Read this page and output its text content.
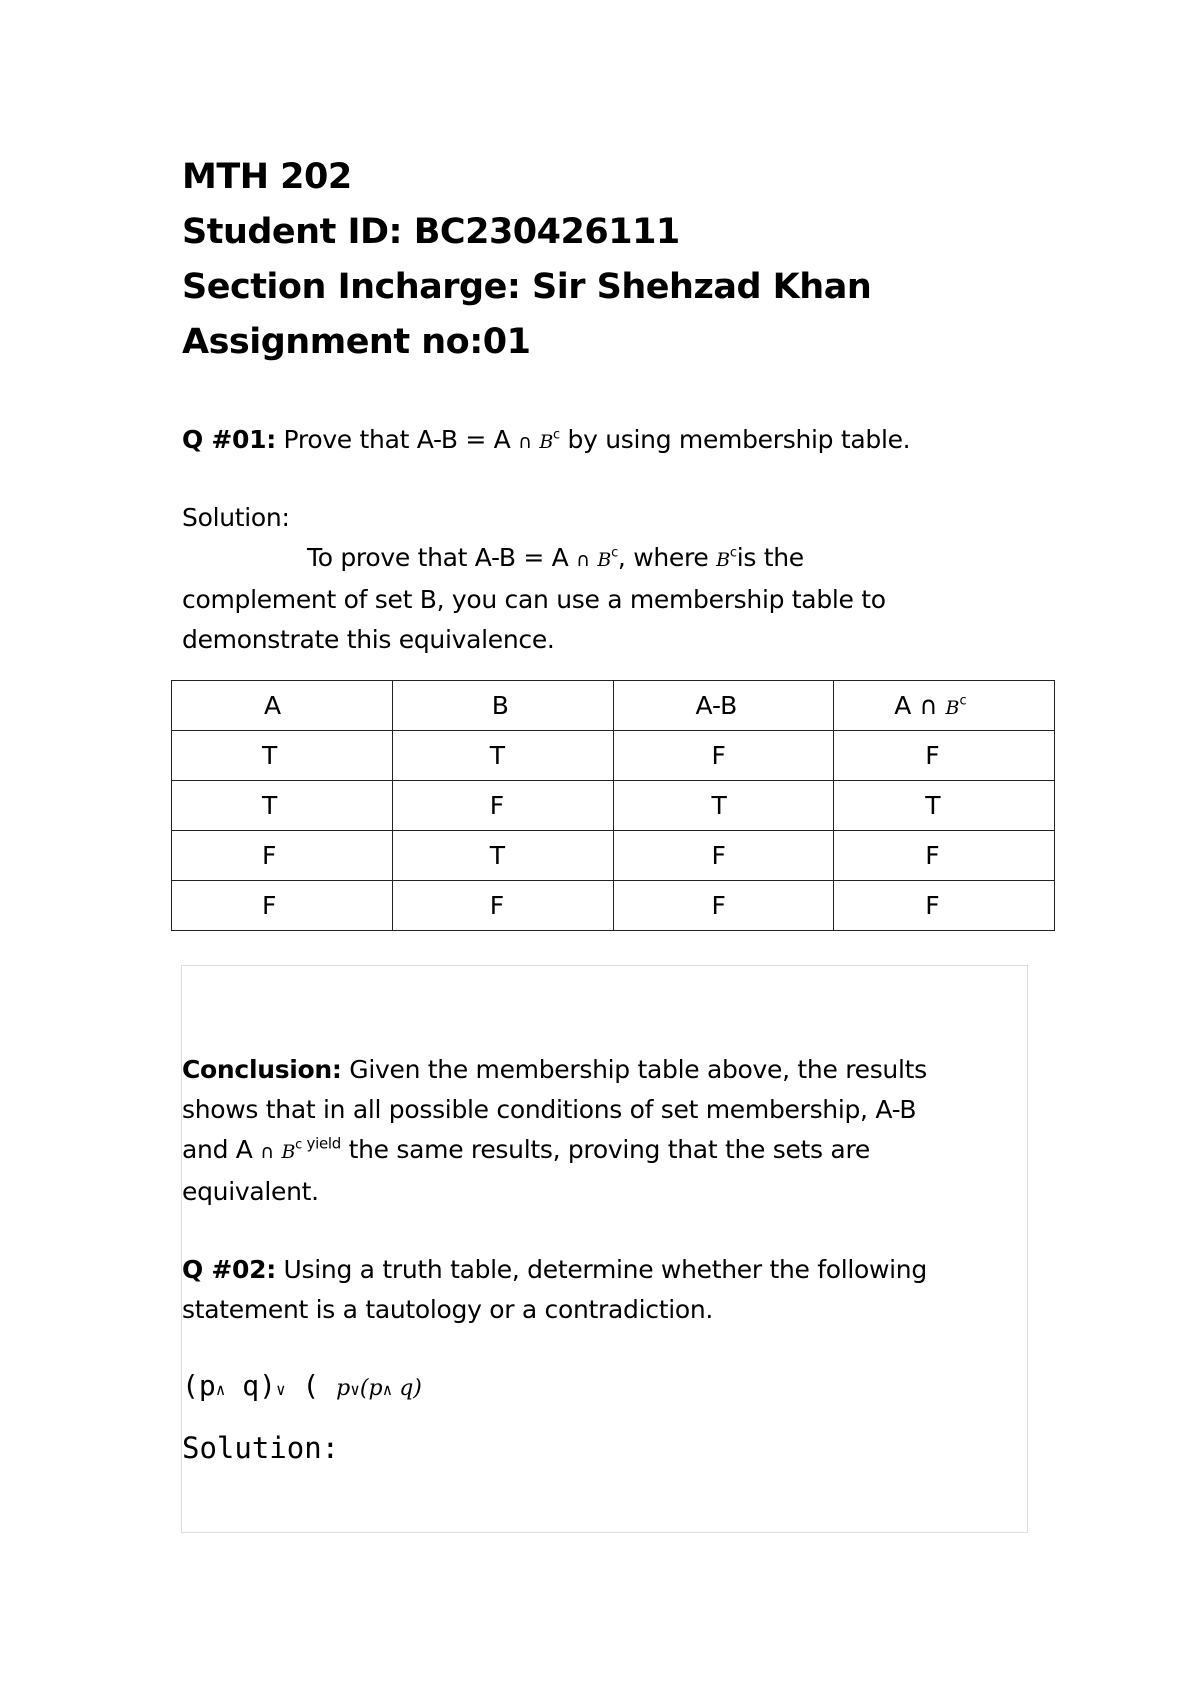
MTH 202
Student ID: BC230426111
Section Incharge: Sir Shehzad Khan
Assignment no:01
Q #01: Prove that A-B = A ∩ $B^c$ by using membership table.
Solution:
To prove that A-B = A ∩ $B^c$, where $B^cis$ the
complement of set B, you can use a membership table to
demonstrate this equivalence.
A	B	A-B	A ∩ $B^c$
T	T	F	F
T	F	T	T
F	T	F	F
F	F	F	F
Conclusion: Given the membership table above, the results
shows that in all possible conditions of set membership, A-B
and A ∩ $B^c$ $^{yield}$ the same results, proving that the sets are
equivalent.
Q #02: Using a truth table, determine whether the following
statement is a tautology or a contradiction.
(p∧ q)∨ ( p∨(p∧ q)
Solution:
